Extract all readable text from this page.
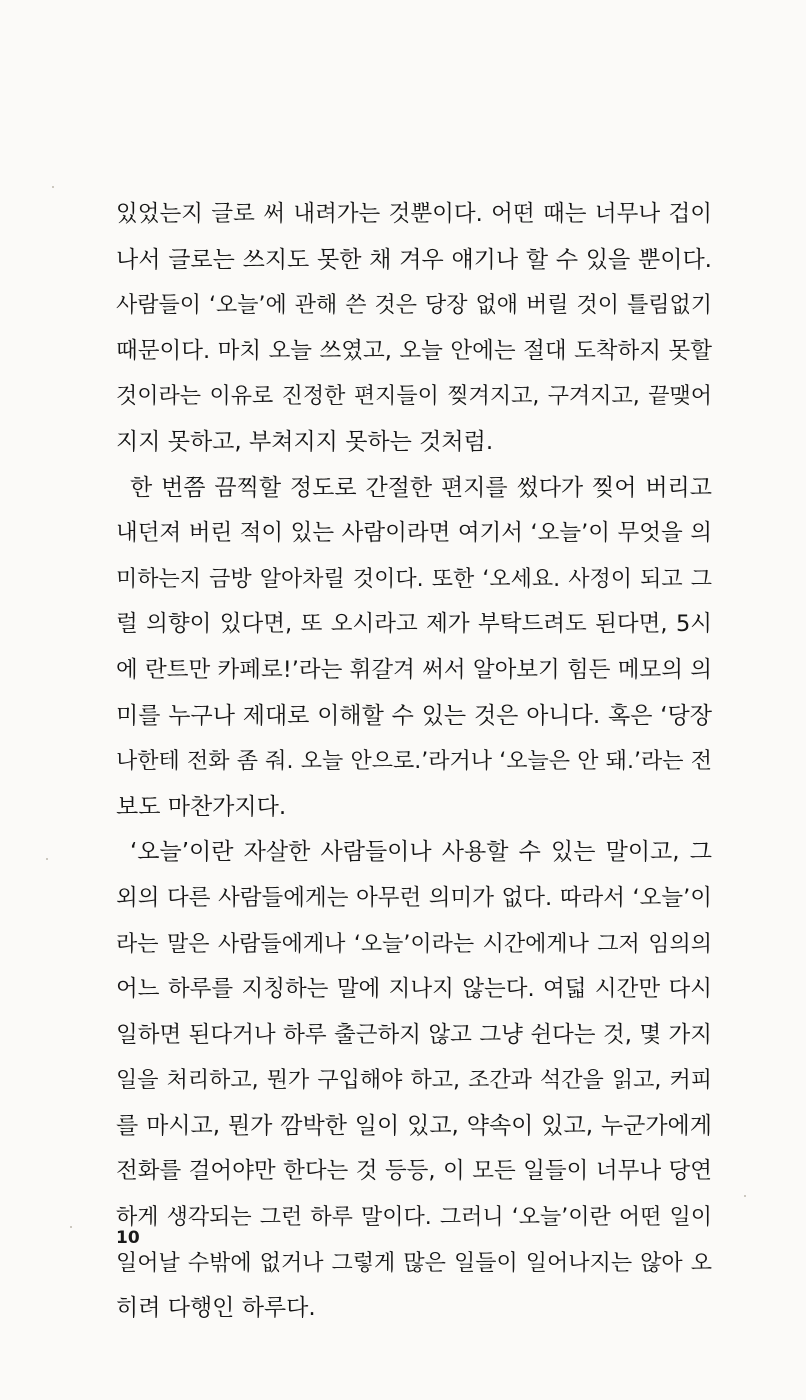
있었는지 글로 써 내려가는 것뿐이다. 어떤 때는 너무나 겁이
나서 글로는 쓰지도 못한 채 겨우 얘기나 할 수 있을 뿐이다.
사람들이 ‘오늘’에 관해 쓴 것은 당장 없애 버릴 것이 틀림없기
때문이다. 마치 오늘 쓰였고, 오늘 안에는 절대 도착하지 못할
것이라는 이유로 진정한 편지들이 찢겨지고, 구겨지고, 끝맺어
지지 못하고, 부쳐지지 못하는 것처럼.
한 번쯤 끔찍할 정도로 간절한 편지를 썼다가 찢어 버리고
내던져 버린 적이 있는 사람이라면 여기서 ‘오늘’이 무엇을 의
미하는지 금방 알아차릴 것이다. 또한 ‘오세요. 사정이 되고 그
럴 의향이 있다면, 또 오시라고 제가 부탁드려도 된다면, 5시
에 란트만 카페로!’라는 휘갈겨 써서 알아보기 힘든 메모의 의
미를 누구나 제대로 이해할 수 있는 것은 아니다. 혹은 ‘당장
나한테 전화 좀 줘. 오늘 안으로.’라거나 ‘오늘은 안 돼.’라는 전
보도 마찬가지다.
‘오늘’이란 자살한 사람들이나 사용할 수 있는 말이고, 그
외의 다른 사람들에게는 아무런 의미가 없다. 따라서 ‘오늘’이
라는 말은 사람들에게나 ‘오늘’이라는 시간에게나 그저 임의의
어느 하루를 지칭하는 말에 지나지 않는다. 여덟 시간만 다시
일하면 된다거나 하루 출근하지 않고 그냥 쉰다는 것, 몇 가지
일을 처리하고, 뭔가 구입해야 하고, 조간과 석간을 읽고, 커피
를 마시고, 뭔가 깜박한 일이 있고, 약속이 있고, 누군가에게
전화를 걸어야만 한다는 것 등등, 이 모든 일들이 너무나 당연
하게 생각되는 그런 하루 말이다. 그러니 ‘오늘’이란 어떤 일이
일어날 수밖에 없거나 그렇게 많은 일들이 일어나지는 않아 오
히려 다행인 하루다.
10
